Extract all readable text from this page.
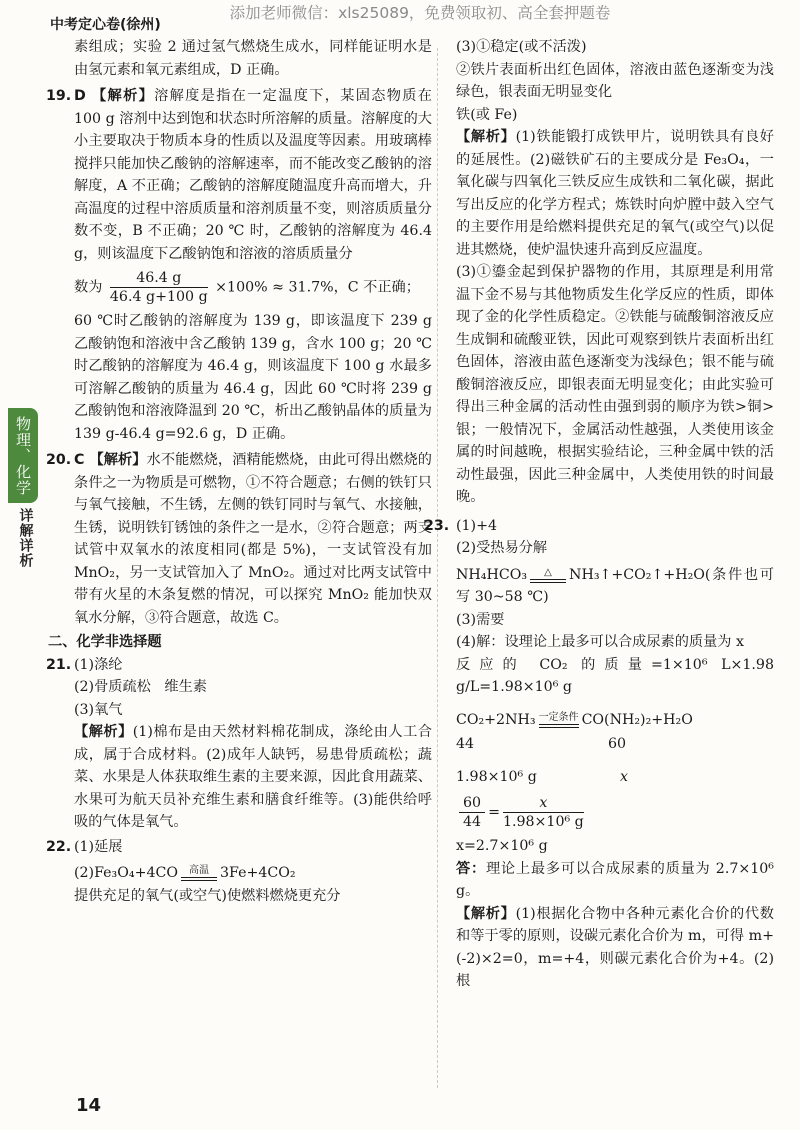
添加老师微信：xls25089，免费领取初、高全套押题卷
中考定心卷(徐州)
物理、化学
详解详析

素组成；实验 2 通过氢气燃烧生成水，同样能证明水是由氢元素和氧元素组成，D 正确。

19. D 【解析】溶解度是指在一定温度下，某固态物质在 100 g 溶剂中达到饱和状态时所溶解的质量。溶解度的大小主要取决于物质本身的性质以及温度等因素。用玻璃棒搅拌只能加快乙酸钠的溶解速率，而不能改变乙酸钠的溶解度，A 不正确；乙酸钠的溶解度随温度升高而增大，升高温度的过程中溶质质量和溶剂质量不变，则溶质质量分数不变，B 不正确；20 ℃ 时，乙酸钠的溶解度为 46.4 g，则该温度下乙酸钠饱和溶液的溶质质量分

数为 $\frac{46.4 g}{46.4 g+100 g} \times 100\% \approx 31.7\%$，C 不正确；

60 ℃时乙酸钠的溶解度为 139 g，即该温度下 239 g 乙酸钠饱和溶液中含乙酸钠 139 g，含水 100 g；20 ℃时乙酸钠的溶解度为 46.4 g，则该温度下 100 g 水最多可溶解乙酸钠的质量为 46.4 g，因此 60 ℃时将 239 g 乙酸钠饱和溶液降温到 20 ℃，析出乙酸钠晶体的质量为 139 g-46.4 g=92.6 g，D 正确。

20. C 【解析】水不能燃烧，酒精能燃烧，由此可得出燃烧的条件之一为物质是可燃物，①不符合题意；右侧的铁钉只与氧气接触，不生锈，左侧的铁钉同时与氧气、水接触，生锈，说明铁钉锈蚀的条件之一是水，②符合题意；两支试管中双氧水的浓度相同(都是 5%)，一支试管没有加 MnO₂，另一支试管加入了 MnO₂。通过对比两支试管中带有火星的木条复燃的情况，可以探究 MnO₂ 能加快双氧水分解，③符合题意，故选 C。

二、化学非选择题

21. (1)涤纶

(2)骨质疏松 维生素

(3)氧气

【解析】(1)棉布是由天然材料棉花制成，涤纶由人工合成，属于合成材料。(2)成年人缺钙，易患骨质疏松；蔬菜、水果是人体获取维生素的主要来源，因此食用蔬菜、水果可为航天员补充维生素和膳食纤维等。(3)能供给呼吸的气体是氧气。

22. (1)延展

(2)Fe₃O₄+4CO	高温 3Fe+4CO₂

提供充足的氧气(或空气)使燃料燃烧更充分

(3)①稳定(或不活泼)

②铁片表面析出红色固体，溶液由蓝色逐渐变为浅绿色，银表面无明显变化

铁(或 Fe)

【解析】(1)铁能锻打成铁甲片，说明铁具有良好的延展性。(2)磁铁矿石的主要成分是 Fe₃O₄，一氧化碳与四氧化三铁反应生成铁和二氧化碳，据此写出反应的化学方程式；炼铁时向炉膛中鼓入空气的主要作用是给燃料提供充足的氧气(或空气)以促进其燃烧，使炉温快速升高到反应温度。

(3)①鎏金起到保护器物的作用，其原理是利用常温下金不易与其他物质发生化学反应的性质，即体现了金的化学性质稳定。②铁能与硫酸铜溶液反应生成铜和硫酸亚铁，因此可观察到铁片表面析出红色固体，溶液由蓝色逐渐变为浅绿色；银不能与硫酸铜溶液反应，即银表面无明显变化；由此实验可得出三种金属的活动性由强到弱的顺序为铁>铜>银；一般情况下，金属活动性越强，人类使用该金属的时间越晚，根据实验结论，三种金属中铁的活动性最强，因此三种金属中，人类使用铁的时间最晚。

23. (1)+4

(2)受热易分解

NH₄HCO₃	△	NH₃↑+CO₂↑+H₂O(条件也可写 30~58 ℃)

(3)需要

(4)解：设理论上最多可以合成尿素的质量为 x

反应的 CO₂ 的质量=1×10⁶ L×1.98 g/L=1.98×10⁶ g

CO₂+2NH₃ 一定条件 CO(NH₂)₂+H₂O

44	60
1.98×10⁶ g	x

$\frac{60}{44} = \frac{x}{\text{1.98×10⁶ g}}$

x=2.7×10⁶ g

答：理论上最多可以合成尿素的质量为 2.7×10⁶ g。

【解析】(1)根据化合物中各种元素化合价的代数和等于零的原则，设碳元素化合价为 m，可得 m+(-2)×2=0，m=+4，则碳元素化合价为+4。(2)根

14
